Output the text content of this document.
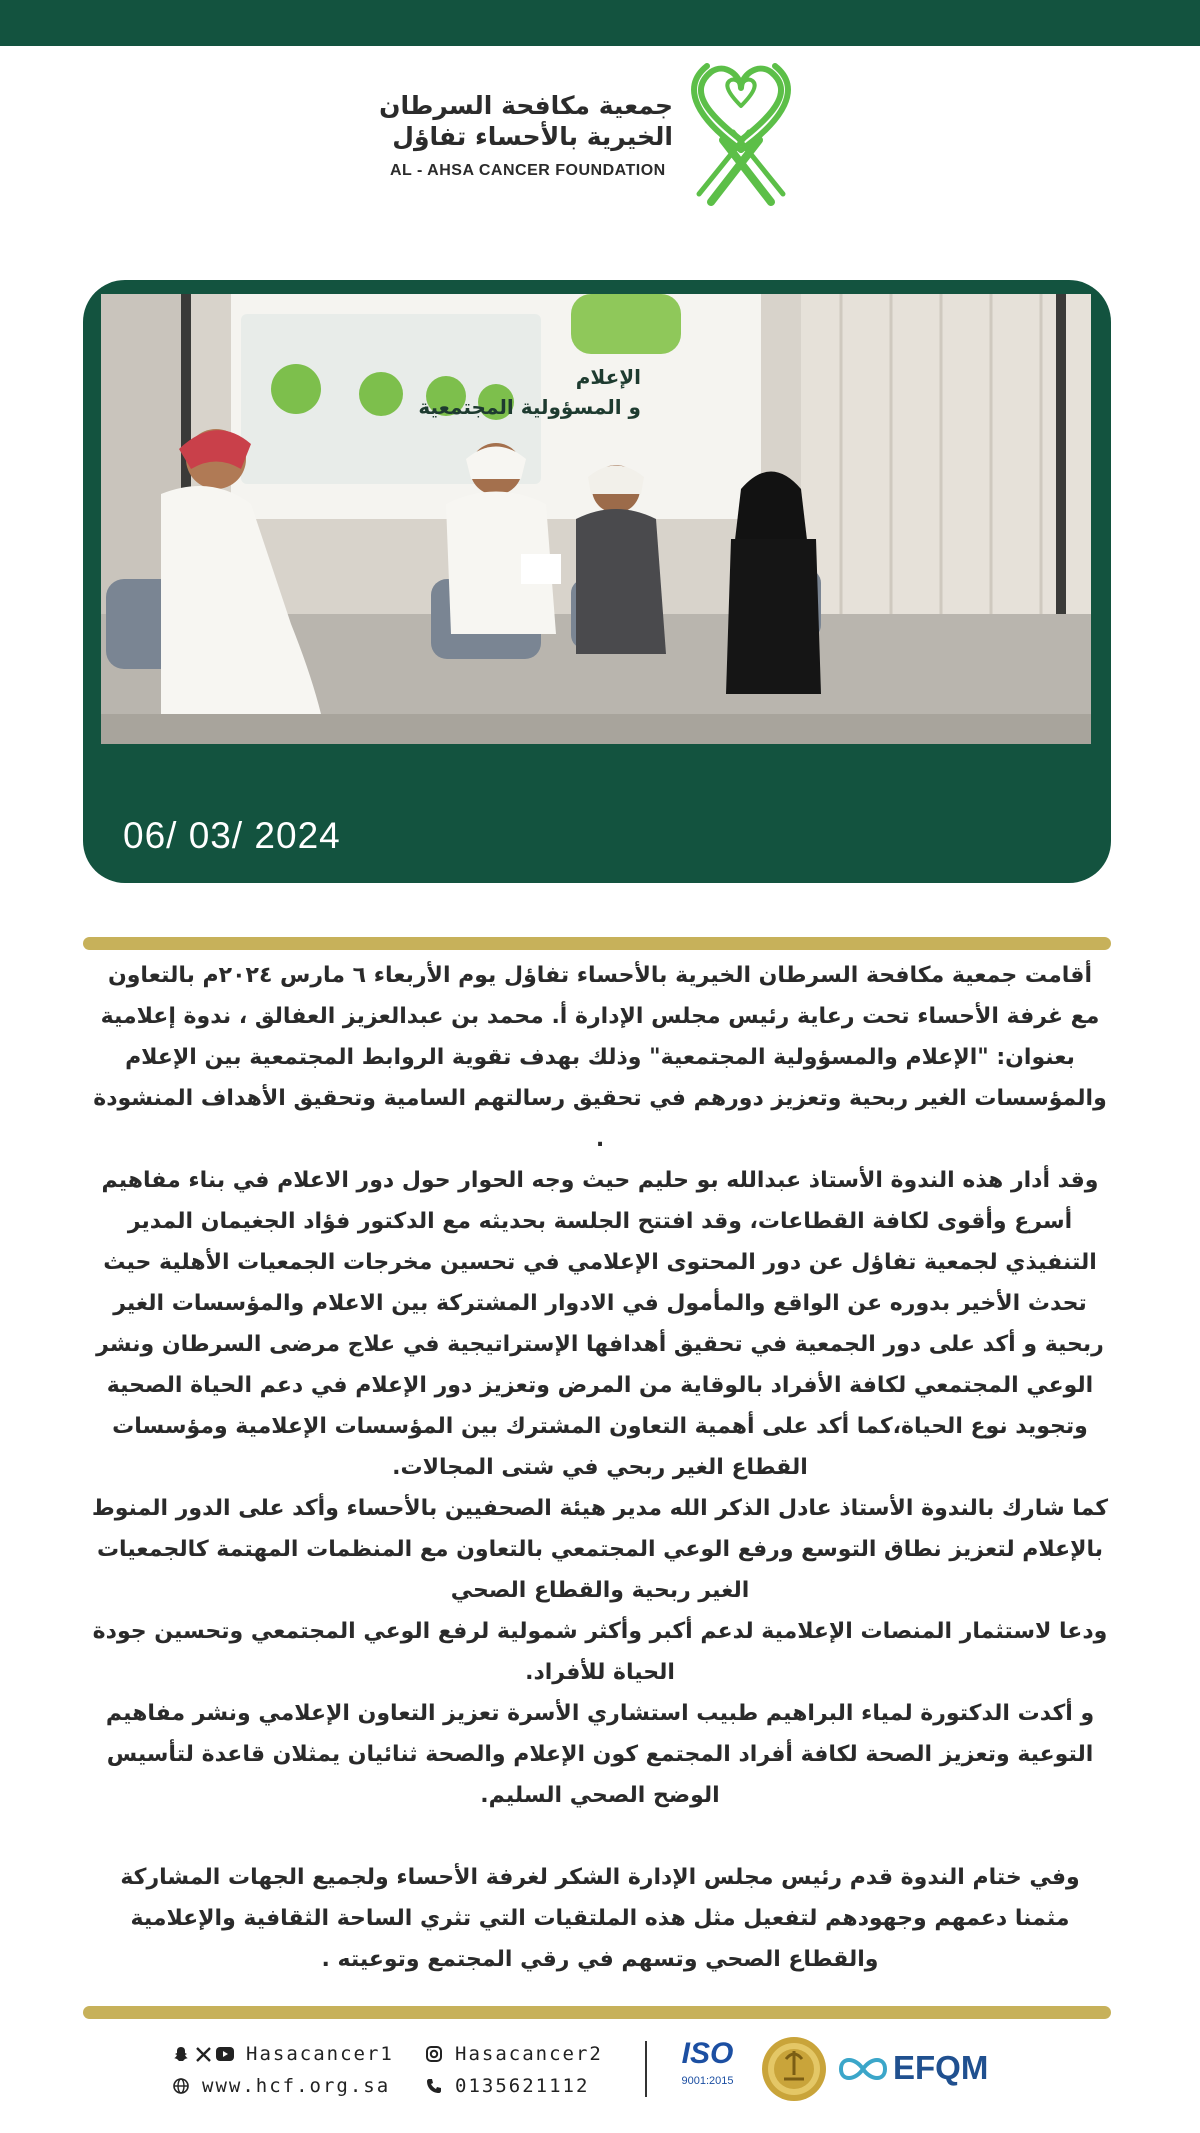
جمعية مكافحة السرطان
الخيرية بالأحساء تفاؤل
AL - AHSA CANCER FOUNDATION
الإعلام
و المسؤولية المجتمعية
06/ 03/ 2024

أقامت جمعية مكافحة السرطان الخيرية بالأحساء تفاؤل يوم الأربعاء ٦ مارس ٢٠٢٤م بالتعاون مع غرفة الأحساء تحت رعاية رئيس مجلس الإدارة أ. محمد بن عبدالعزيز العفالق ، ندوة إعلامية بعنوان: "الإعلام والمسؤولية المجتمعية" وذلك بهدف تقوية الروابط المجتمعية بين الإعلام والمؤسسات الغير ربحية وتعزيز دورهم في تحقيق رسالتهم السامية وتحقيق الأهداف المنشودة .

وقد أدار هذه الندوة الأستاذ عبدالله بو حليم حيث وجه الحوار حول دور الاعلام في بناء مفاهيم أسرع وأقوى لكافة القطاعات، وقد افتتح الجلسة بحديثه مع الدكتور فؤاد الجغيمان المدير التنفيذي لجمعية تفاؤل عن دور المحتوى الإعلامي في تحسين مخرجات الجمعيات الأهلية حيث تحدث الأخير بدوره عن الواقع والمأمول في الادوار المشتركة بين الاعلام والمؤسسات الغير ربحية و أكد على دور الجمعية في تحقيق أهدافها الإستراتيجية في علاج مرضى السرطان ونشر الوعي المجتمعي لكافة الأفراد بالوقاية من المرض وتعزيز دور الإعلام في دعم الحياة الصحية وتجويد نوع الحياة،كما أكد على أهمية التعاون المشترك بين المؤسسات الإعلامية ومؤسسات القطاع الغير ربحي في شتى المجالات.

كما شارك بالندوة الأستاذ عادل الذكر الله مدير هيئة الصحفيين بالأحساء وأكد على الدور المنوط بالإعلام لتعزيز نطاق التوسع ورفع الوعي المجتمعي بالتعاون مع المنظمات المهتمة كالجمعيات الغير ربحية والقطاع الصحي

ودعا لاستثمار المنصات الإعلامية لدعم أكبر وأكثر شمولية لرفع الوعي المجتمعي وتحسين جودة الحياة للأفراد.

و أكدت الدكتورة لمياء البراهيم طبيب استشاري الأسرة تعزيز التعاون الإعلامي ونشر مفاهيم التوعية وتعزيز الصحة لكافة أفراد المجتمع كون الإعلام والصحة ثنائيان يمثلان قاعدة لتأسيس الوضح الصحي السليم.

وفي ختام الندوة قدم رئيس مجلس الإدارة الشكر لغرفة الأحساء ولجميع الجهات المشاركة مثمنا دعمهم وجهودهم لتفعيل مثل هذه الملتقيات التي تثري الساحة الثقافية والإعلامية والقطاع الصحي وتسهم في رقي المجتمع وتوعيته .

Hasacancer1	Hasacancer2
www.hcf.org.sa	0135621112
ISO
9001:2015	EFQM
